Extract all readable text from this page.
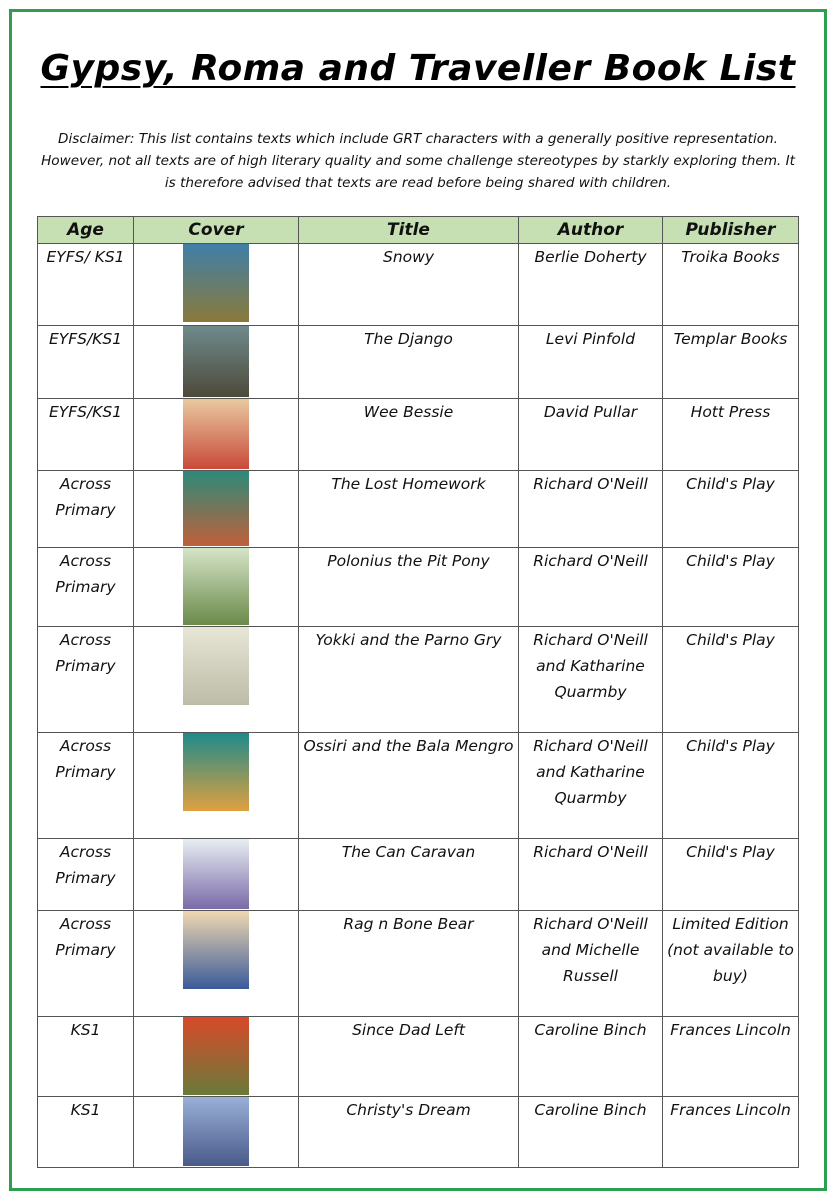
Gypsy, Roma and Traveller Book List
Disclaimer: This list contains texts which include GRT characters with a generally positive representation. However, not all texts are of high literary quality and some challenge stereotypes by starkly exploring them. It is therefore advised that texts are read before being shared with children.
Age	Cover	Title	Author	Publisher
EYFS/ KS1		Snowy	Berlie Doherty	Troika Books
EYFS/KS1		The Django	Levi Pinfold	Templar Books
EYFS/KS1		Wee Bessie	David Pullar	Hott Press
Across Primary		The Lost Homework	Richard O'Neill	Child's Play
Across Primary		Polonius the Pit Pony	Richard O'Neill	Child's Play
Across Primary		Yokki and the Parno Gry	Richard O'Neill and Katharine Quarmby	Child's Play
Across Primary		Ossiri and the Bala Mengro	Richard O'Neill and Katharine Quarmby	Child's Play
Across Primary		The Can Caravan	Richard O'Neill	Child's Play
Across Primary		Rag n Bone Bear	Richard O'Neill and Michelle Russell	Limited Edition (not available to buy)
KS1		Since Dad Left	Caroline Binch	Frances Lincoln
KS1		Christy's Dream	Caroline Binch	Frances Lincoln
